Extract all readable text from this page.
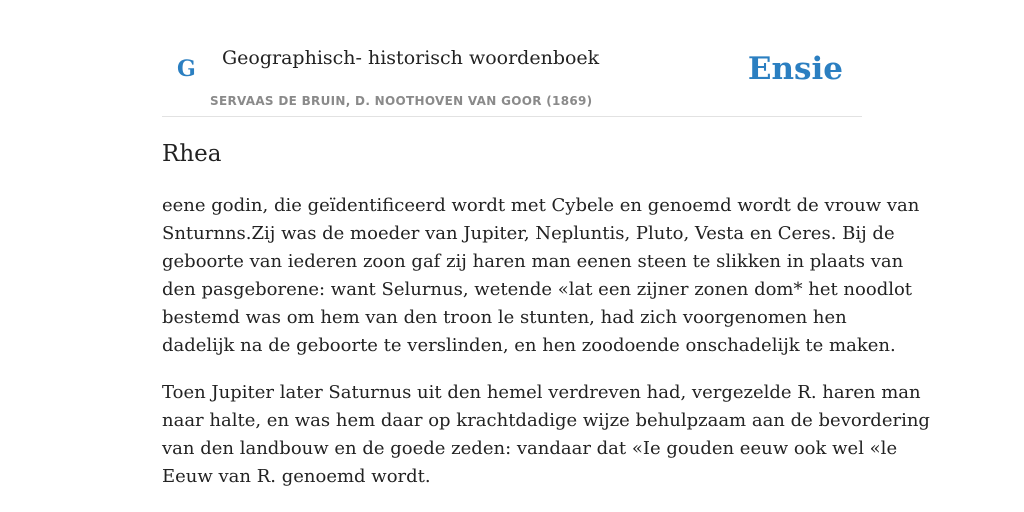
G Geographisch- historisch woordenboek
SERVAAS DE BRUIN, D. NOOTHOVEN VAN GOOR (1869)
Ensie
Rhea

eene godin, die geïdentificeerd wordt met Cybele en genoemd wordt de vrouw van
Snturnns.Zij was de moeder van Jupiter, Nepluntis, Pluto, Vesta en Ceres. Bij de
geboorte van iederen zoon gaf zij haren man eenen steen te slikken in plaats van
den pasgeborene: want Selurnus, wetende «lat een zijner zonen dom* het noodlot
bestemd was om hem van den troon le stunten, had zich voorgenomen hen
dadelijk na de geboorte te verslinden, en hen zoodoende onschadelijk te maken.

Toen Jupiter later Saturnus uit den hemel verdreven had, vergezelde R. haren man
naar halte, en was hem daar op krachtdadige wijze behulpzaam aan de bevordering
van den landbouw en de goede zeden: vandaar dat «Ie gouden eeuw ook wel «le
Eeuw van R. genoemd wordt.
